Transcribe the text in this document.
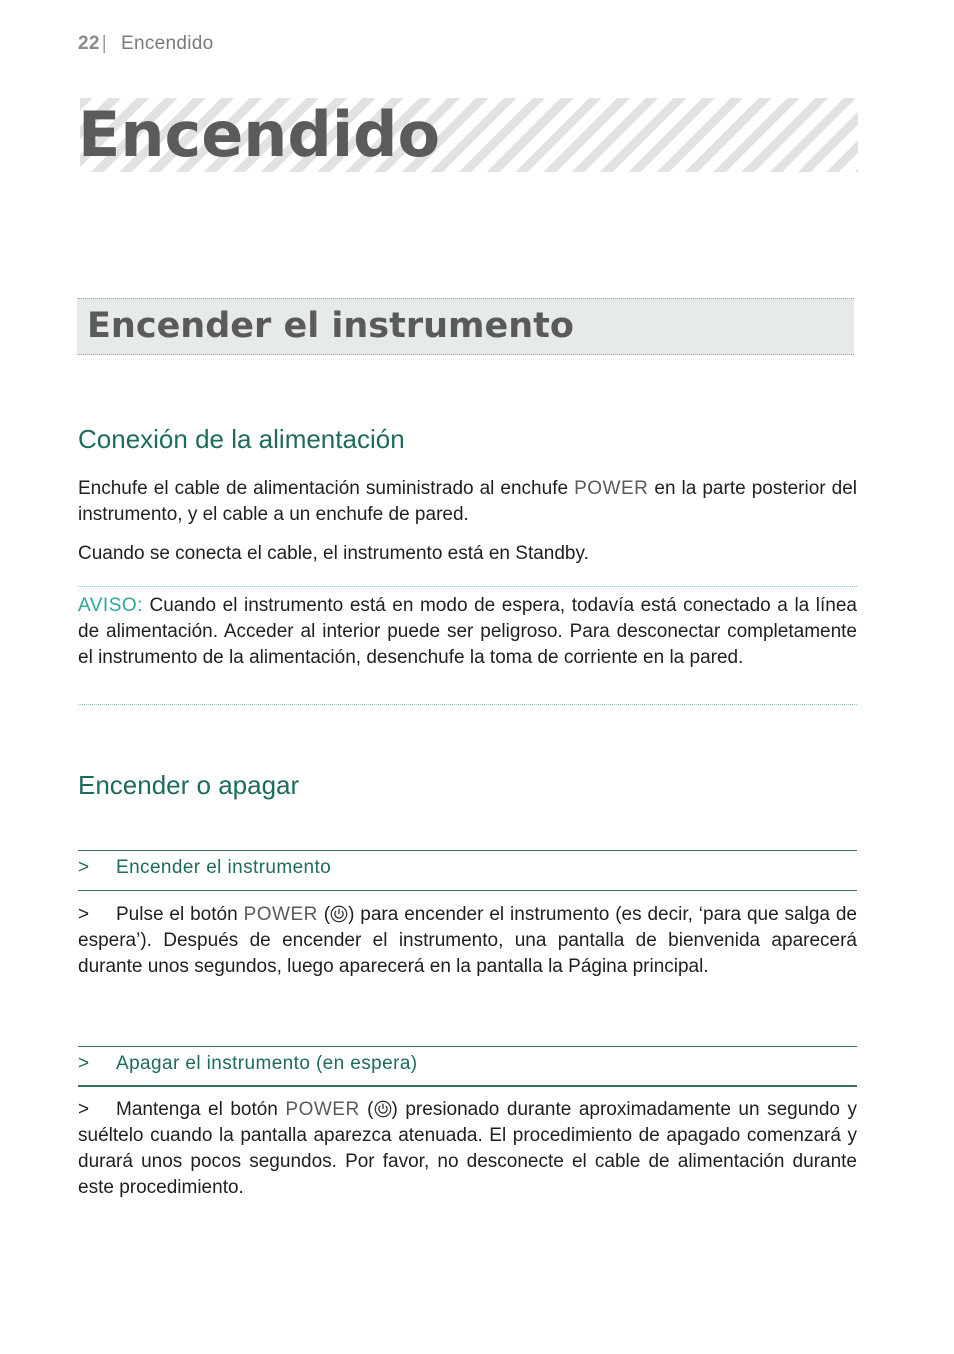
22 | Encendido
Encendido
Encender el instrumento
Conexión de la alimentación

Enchufe el cable de alimentación suministrado al enchufe POWER en la parte posterior del instrumento, y el cable a un enchufe de pared.

Cuando se conecta el cable, el instrumento está en Standby.

AVISO: Cuando el instrumento está en modo de espera, todavía está conectado a la línea de alimentación. Acceder al interior puede ser peligroso. Para desconectar completamente el instrumento de la alimentación, desenchufe la toma de corriente en la pared.

Encender o apagar
> Encender el instrumento

> Pulse el botón POWER ( ) para encender el instrumento (es decir, ‘para que salga de espera’). Después de encender el instrumento, una pantalla de bienvenida aparecerá durante unos segundos, luego aparecerá en la pantalla la Página principal.

> Apagar el instrumento (en espera)

> Mantenga el botón POWER ( ) presionado durante aproximadamente un segundo y suéltelo cuando la pantalla aparezca atenuada. El procedimiento de apagado comenzará y durará unos pocos segundos. Por favor, no desconecte el cable de alimentación durante este procedimiento.
